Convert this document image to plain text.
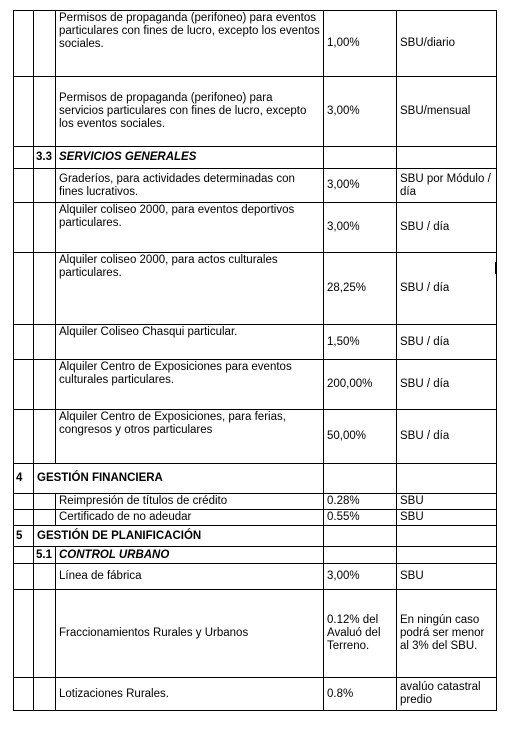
		Permisos de propaganda (perifoneo) para eventos particulares con fines de lucro, excepto los eventos sociales.	1,00%	SBU/diario
		Permisos de propaganda (perifoneo) para servicios particulares con fines de lucro, excepto los eventos sociales.	3,00%	SBU/mensual
	3.3	SERVICIOS GENERALES		
		Graderíos, para actividades determinadas con fines lucrativos.	3,00%	SBU por Módulo / día
		Alquiler coliseo 2000, para eventos deportivos particulares.	3,00%	SBU / día
		Alquiler coliseo 2000, para actos culturales particulares.	28,25%	SBU / día
		Alquiler Coliseo Chasqui particular.	1,50%	SBU / día
		Alquiler Centro de Exposiciones para eventos culturales particulares.	200,00%	SBU / día
		Alquiler Centro de Exposiciones, para ferias, congresos y otros particulares	50,00%	SBU / día
4	GESTIÓN FINANCIERA			
		Reimpresión de títulos de crédito	0.28%	SBU
		Certificado de no adeudar	0.55%	SBU
5	GESTIÓN DE PLANIFICACIÓN			
	5.1	CONTROL URBANO		
		Línea de fábrica	3,00%	SBU
		Fraccionamientos Rurales y Urbanos	0.12% del Avaluó del Terreno.	En ningún caso podrá ser menor al 3% del SBU.
		Lotizaciones Rurales.	0.8%	avalúo catastral predio
